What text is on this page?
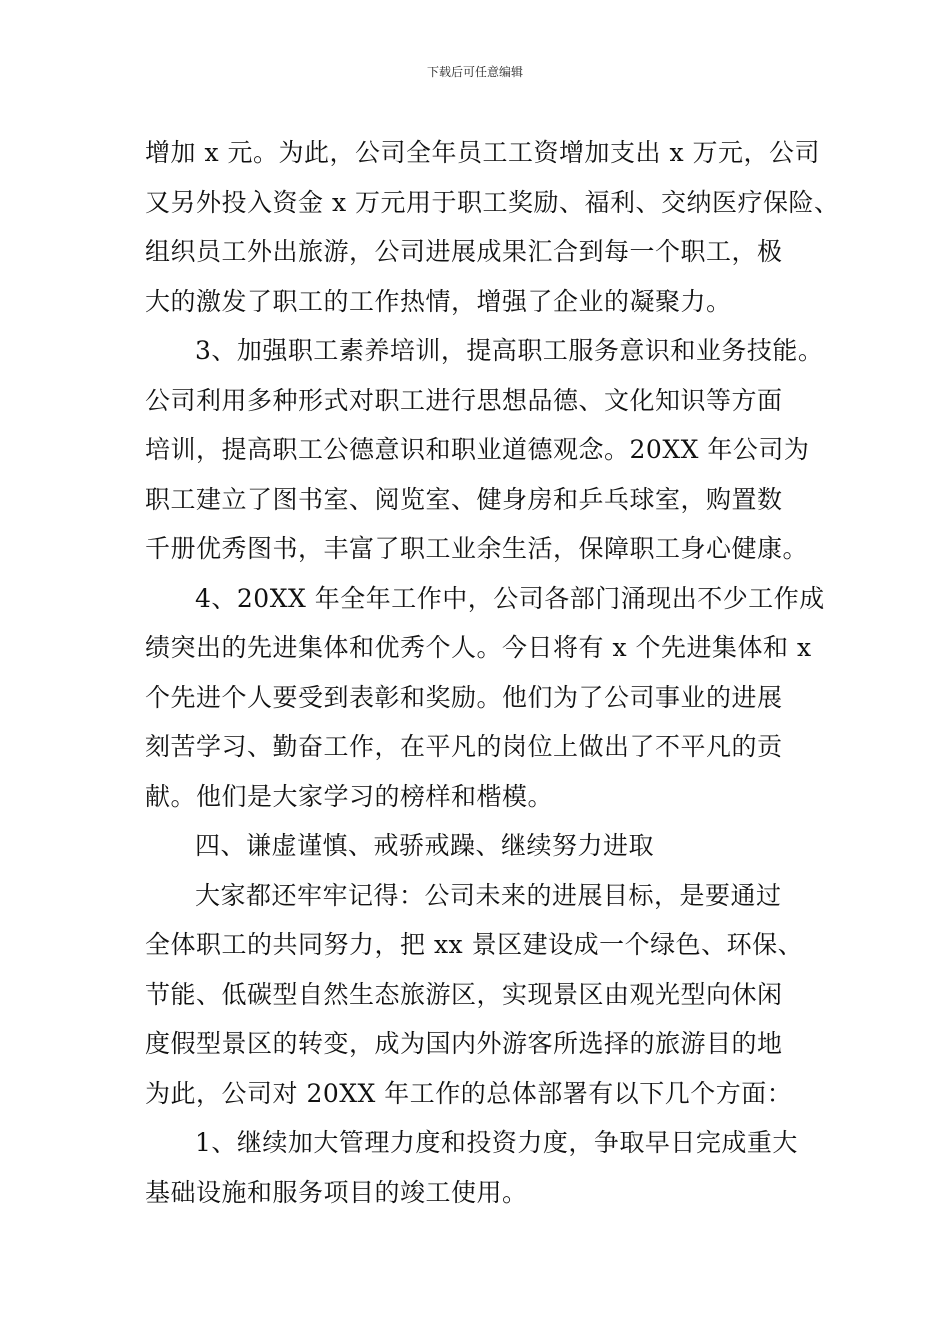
下载后可任意编辑
增加 x 元。为此，公司全年员工工资增加支出 x 万元，公司
又另外投入资金 x 万元用于职工奖励、福利、交纳医疗保险、
组织员工外出旅游，公司进展成果汇合到每一个职工，极
大的激发了职工的工作热情，增强了企业的凝聚力。
3、加强职工素养培训，提高职工服务意识和业务技能。
公司利用多种形式对职工进行思想品德、文化知识等方面
培训，提高职工公德意识和职业道德观念。20XX 年公司为
职工建立了图书室、阅览室、健身房和乒乓球室，购置数
千册优秀图书，丰富了职工业余生活，保障职工身心健康。
4、20XX 年全年工作中，公司各部门涌现出不少工作成
绩突出的先进集体和优秀个人。今日将有 x 个先进集体和 x
个先进个人要受到表彰和奖励。他们为了公司事业的进展
刻苦学习、勤奋工作，在平凡的岗位上做出了不平凡的贡
献。他们是大家学习的榜样和楷模。
四、谦虚谨慎、戒骄戒躁、继续努力进取
大家都还牢牢记得：公司未来的进展目标，是要通过
全体职工的共同努力，把 xx 景区建设成一个绿色、环保、
节能、低碳型自然生态旅游区，实现景区由观光型向休闲
度假型景区的转变，成为国内外游客所选择的旅游目的地
为此，公司对 20XX 年工作的总体部署有以下几个方面：
1、继续加大管理力度和投资力度，争取早日完成重大
基础设施和服务项目的竣工使用。
